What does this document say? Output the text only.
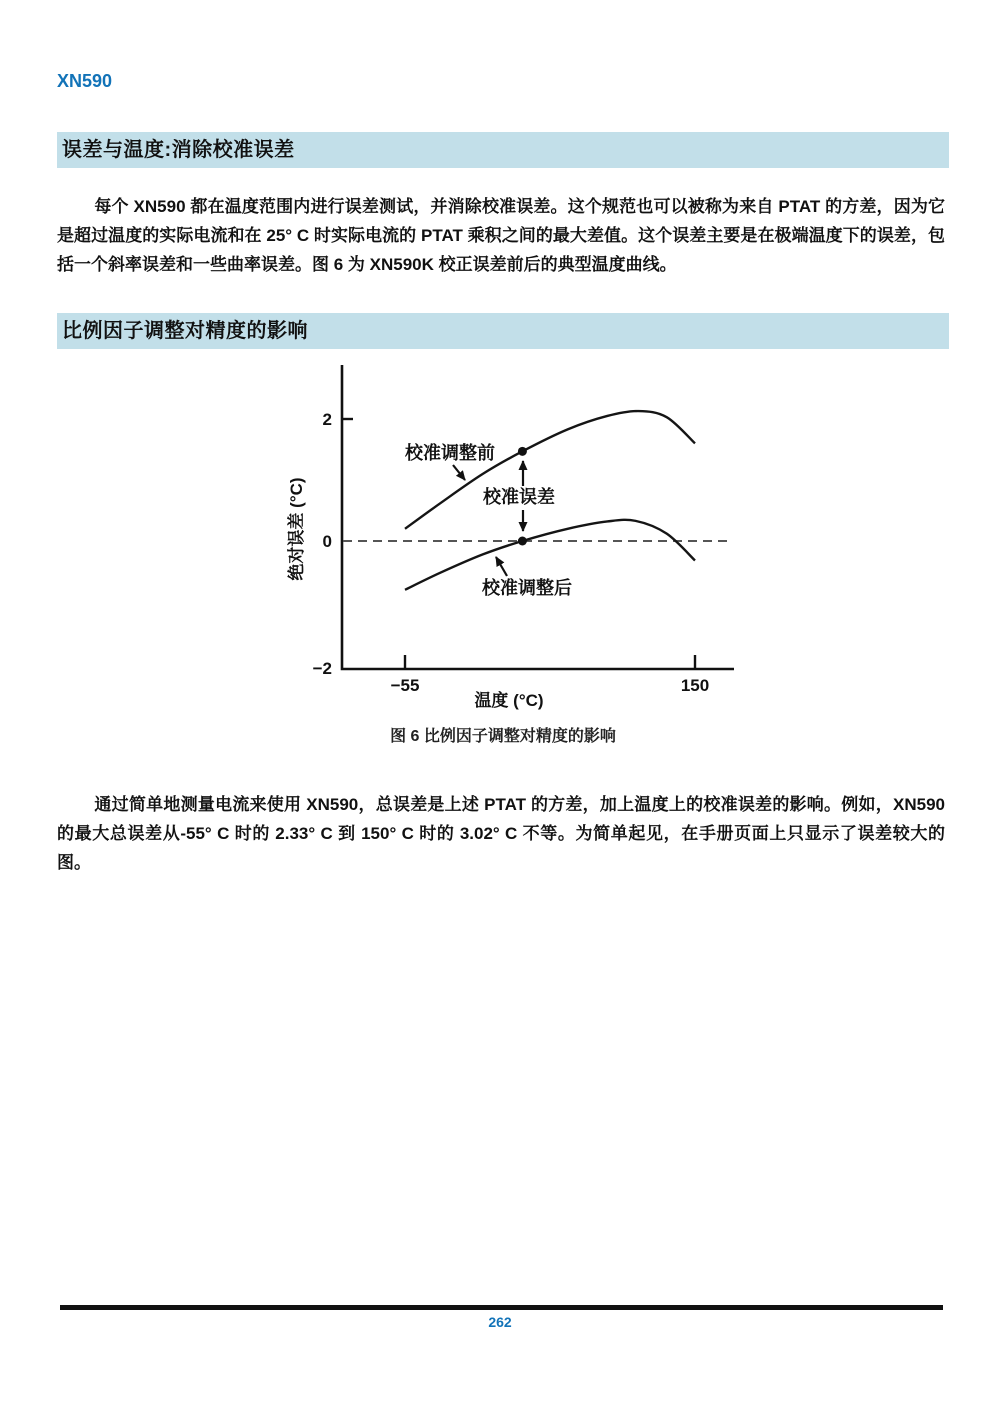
XN590
误差与温度:消除校准误差

每个 XN590 都在温度范围内进行误差测试，并消除校准误差。这个规范也可以被称为来自 PTAT 的方差，因为它是超过温度的实际电流和在 25° C 时实际电流的 PTAT 乘积之间的最大差值。这个误差主要是在极端温度下的误差，包括一个斜率误差和一些曲率误差。图 6 为 XN590K 校正误差前后的典型温度曲线。

比例因子调整对精度的影响
2
0
−2
−55	150
温度 (°C)
绝对误差 (°C)
校准调整前
校准误差
校准调整后
图 6 比例因子调整对精度的影响

通过简单地测量电流来使用 XN590，总误差是上述 PTAT 的方差，加上温度上的校准误差的影响。例如，XN590 的最大总误差从-55° C 时的 2.33° C 到 150° C 时的 3.02° C 不等。为简单起见，在手册页面上只显示了误差较大的图。

262
